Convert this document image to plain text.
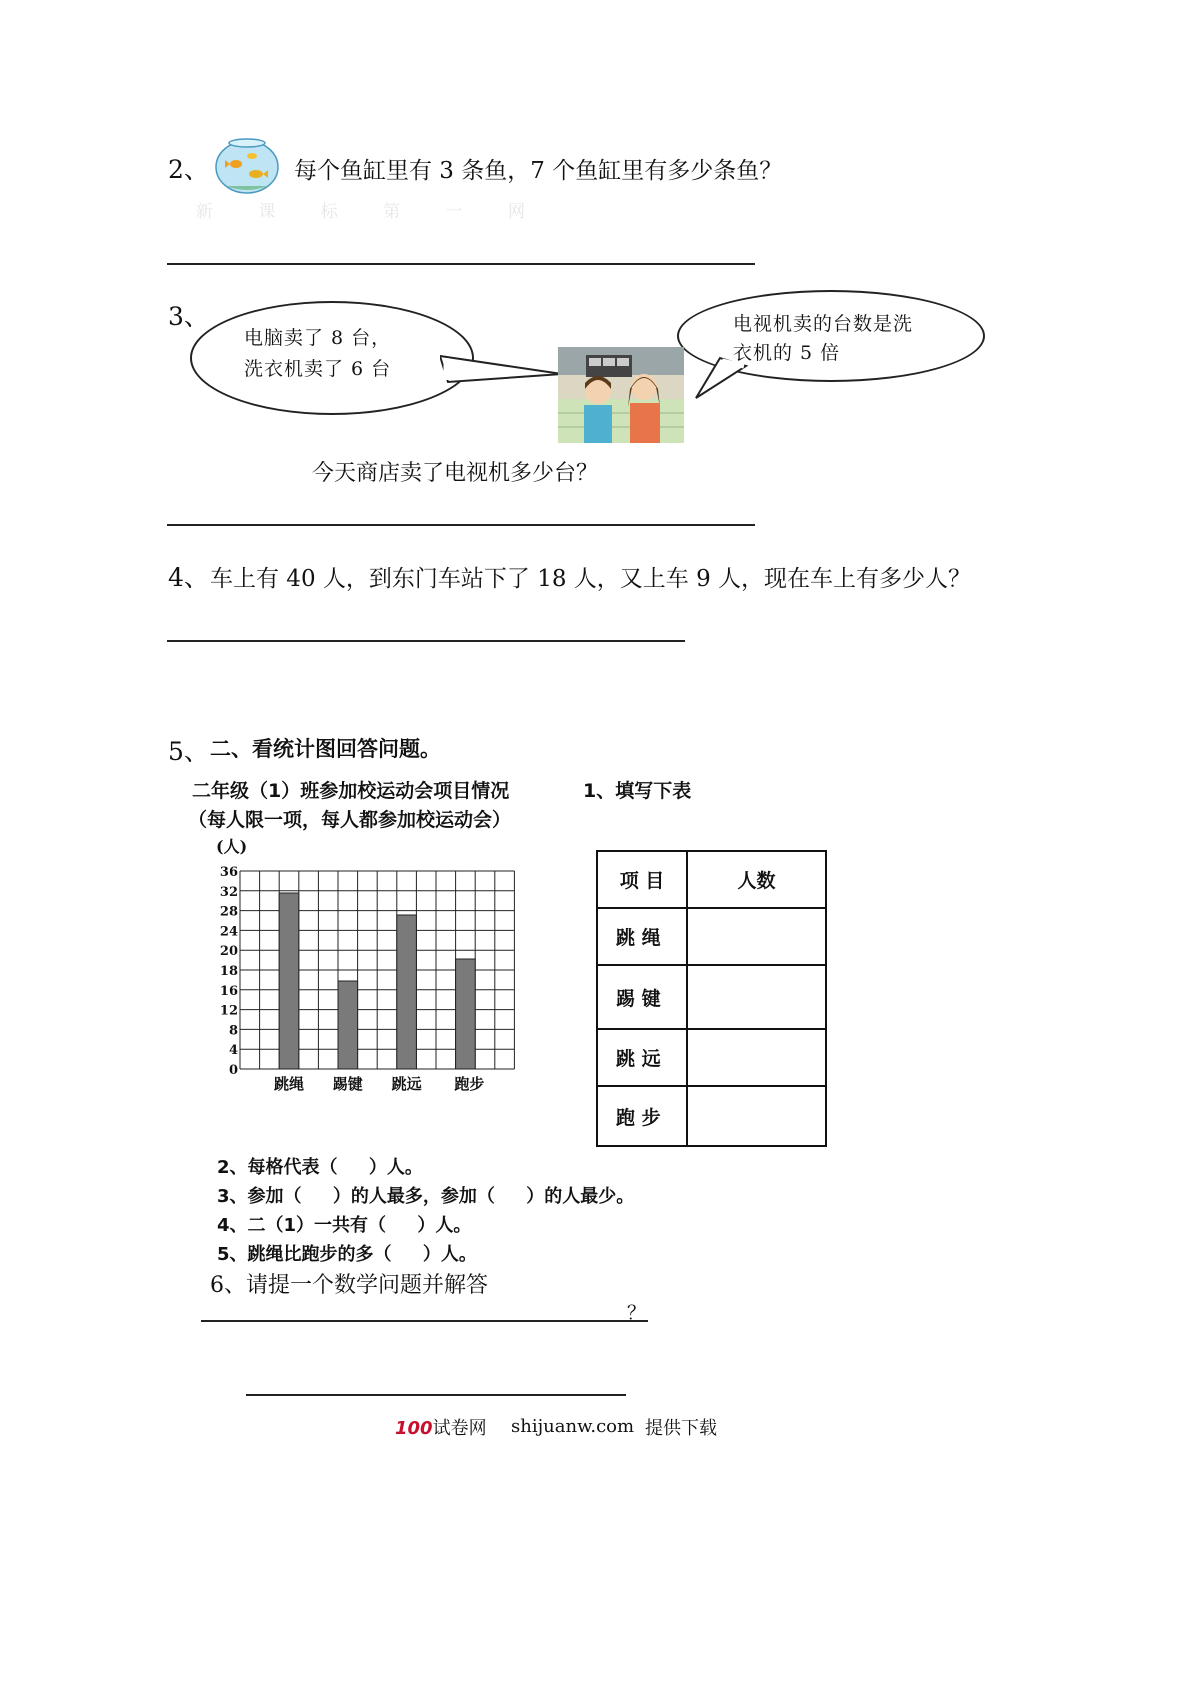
2、	每个鱼缸里有 3 条鱼，7 个鱼缸里有多少条鱼？
新 课 标 第 一 网
3、
电脑卖了 8 台，
洗衣机卖了 6 台
电视机卖的台数是洗
衣机的 5 倍
今天商店卖了电视机多少台？
4、 车上有 40 人，到东门车站下了 18 人，又上车 9 人，现在车上有多少人？
5、 二、看统计图回答问题。
二年级（1）班参加校运动会项目情况
（每人限一项，每人都参加校运动会）
1、填写下表
0
4
8
12
16
18
20
24
28
32
36
(人)
跳绳 踢键 跳远 跑步
项 目	人数
跳 绳	
踢 键	
跳 远	
跑 步	
2、每格代表（     ）人。
3、参加（     ）的人最多，参加（     ）的人最少。
4、二（1）一共有（     ）人。
5、跳绳比跑步的多（     ）人。
6、请提一个数学问题并解答
？
100试卷网 shijuanw.com 提供下载
